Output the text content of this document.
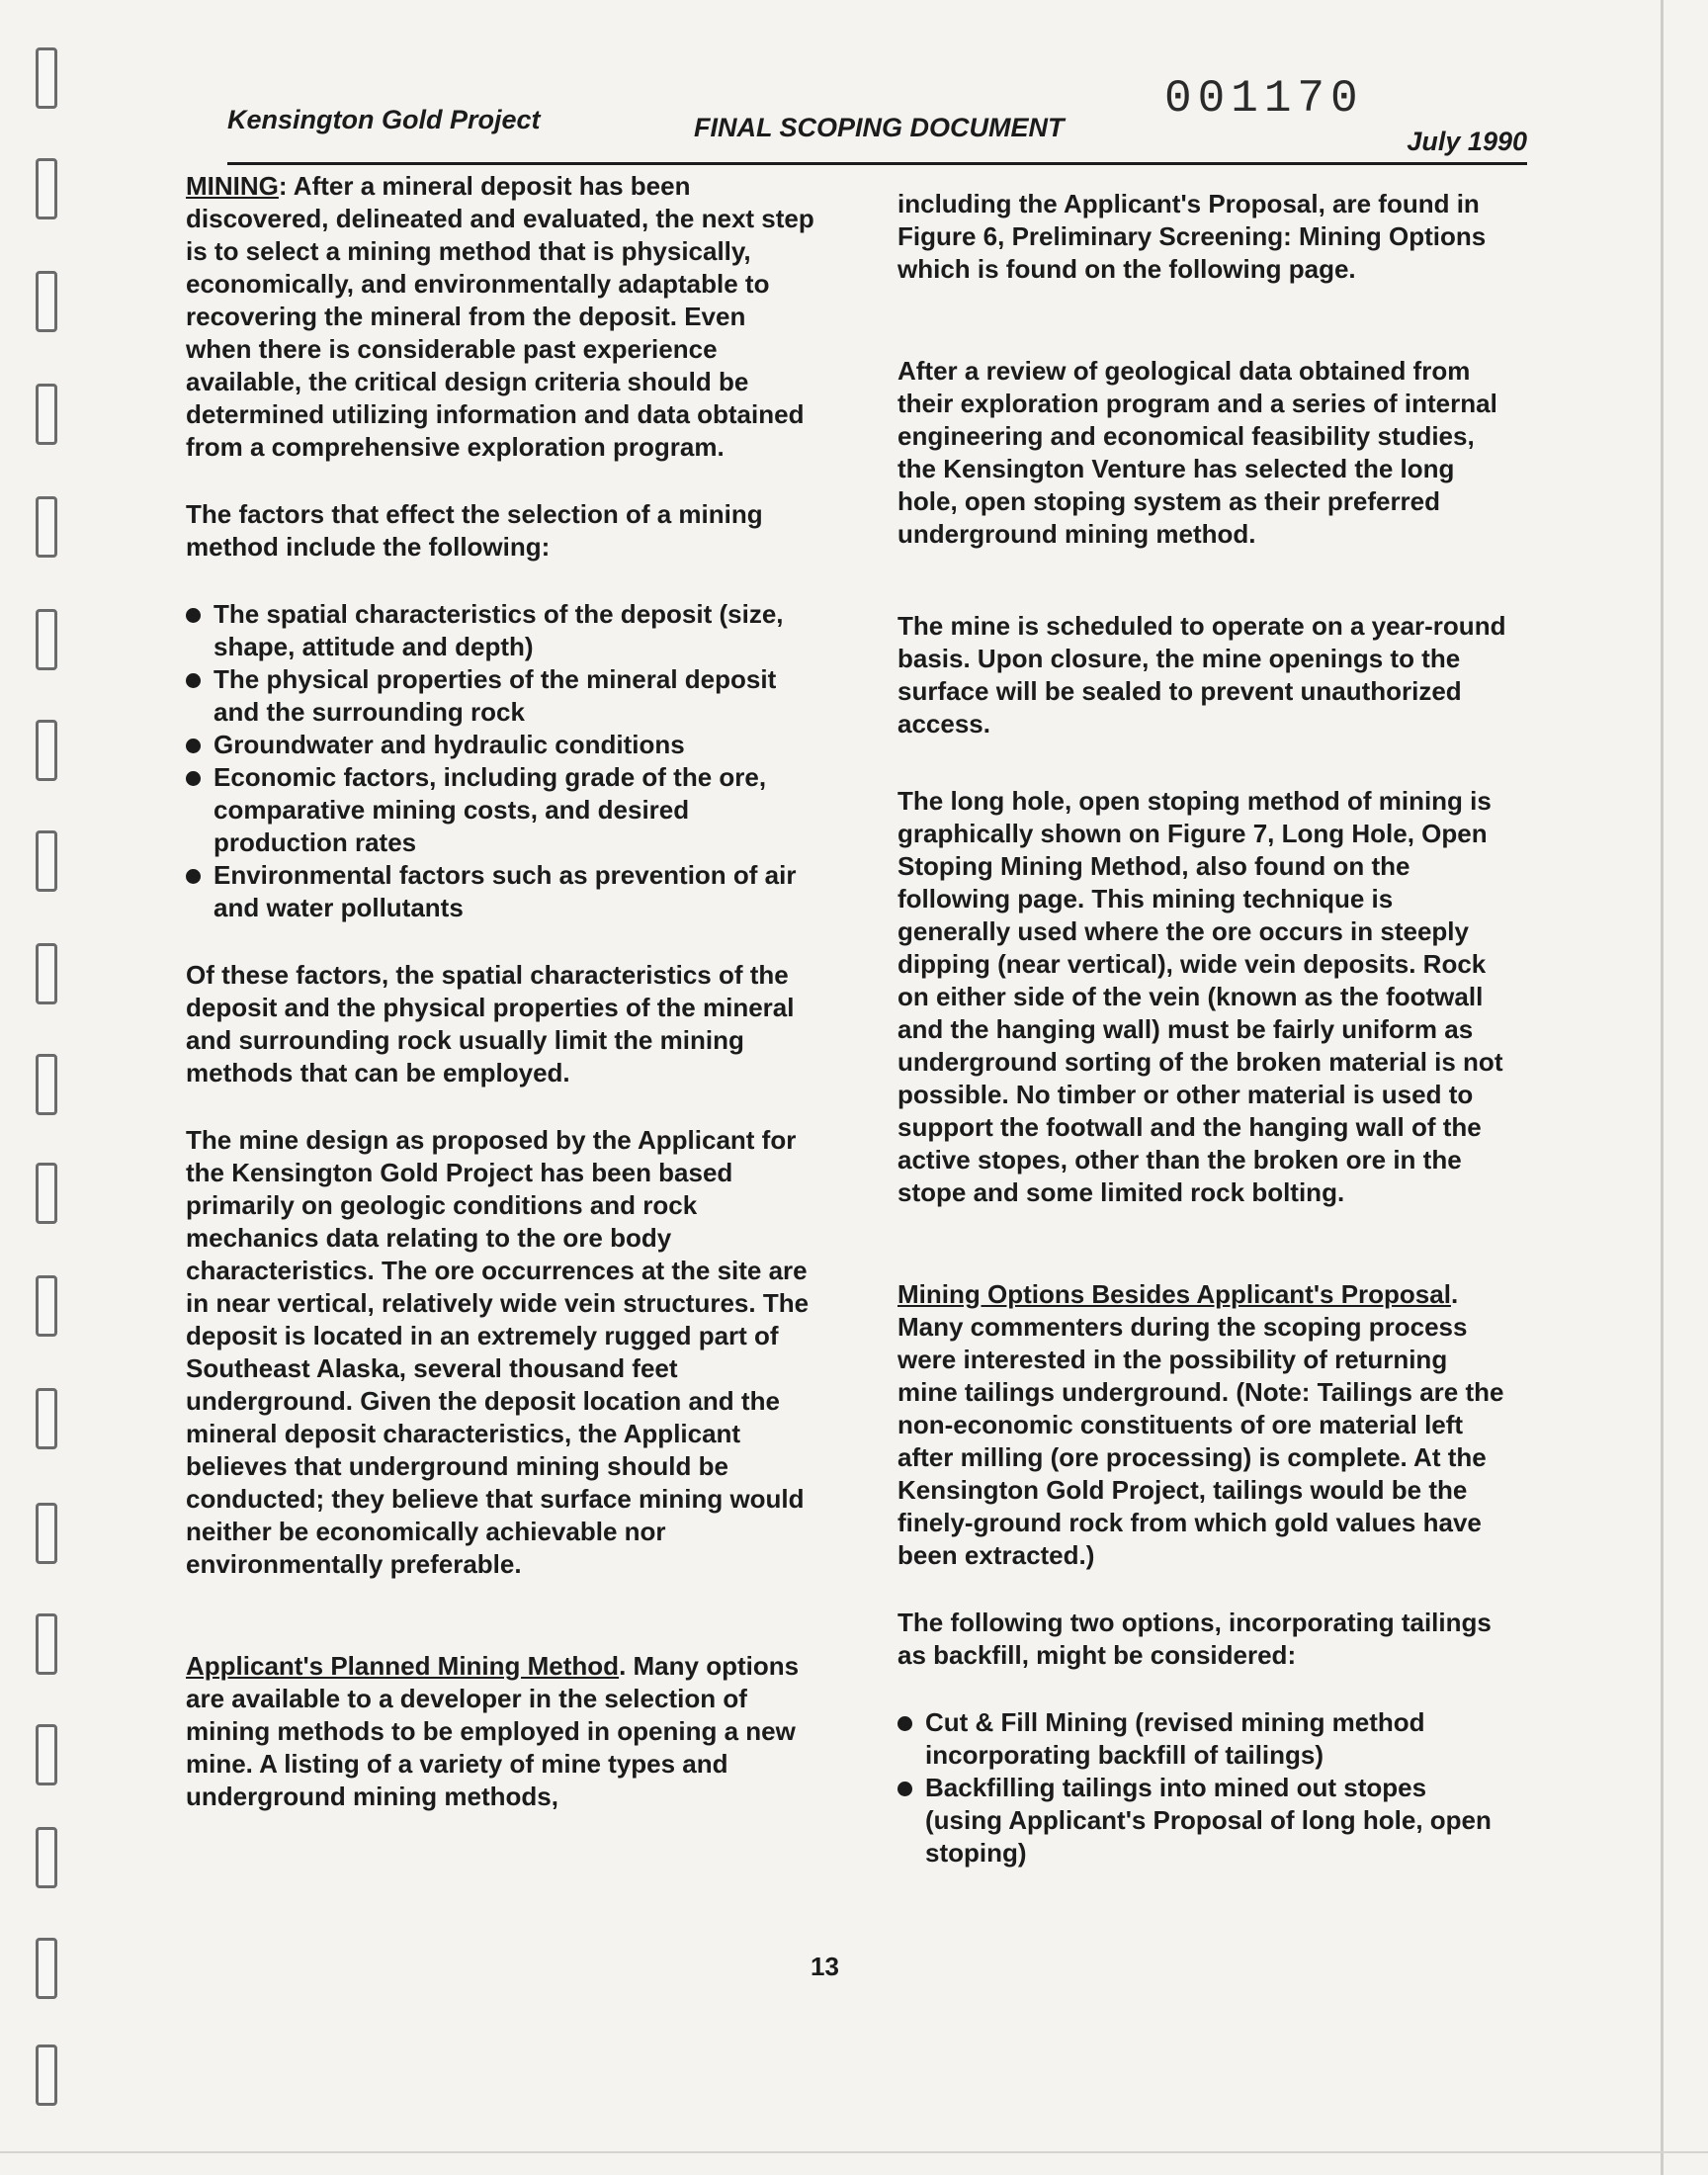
Kensington Gold Project	FINAL SCOPING DOCUMENT
001170
July 1990

MINING: After a mineral deposit has been discovered, delineated and evaluated, the next step is to select a mining method that is physically, economically, and environmentally adaptable to recovering the mineral from the deposit. Even when there is considerable past experience available, the critical design criteria should be determined utilizing information and data obtained from a comprehensive exploration program.

The factors that effect the selection of a mining method include the following:

The spatial characteristics of the deposit (size, shape, attitude and depth)
The physical properties of the mineral deposit and the surrounding rock
Groundwater and hydraulic conditions
Economic factors, including grade of the ore, comparative mining costs, and desired production rates
Environmental factors such as prevention of air and water pollutants

Of these factors, the spatial characteristics of the deposit and the physical properties of the mineral and surrounding rock usually limit the mining methods that can be employed.

The mine design as proposed by the Applicant for the Kensington Gold Project has been based primarily on geologic conditions and rock mechanics data relating to the ore body characteristics. The ore occurrences at the site are in near vertical, relatively wide vein structures. The deposit is located in an extremely rugged part of Southeast Alaska, several thousand feet underground. Given the deposit location and the mineral deposit characteristics, the Applicant believes that underground mining should be conducted; they believe that surface mining would neither be economically achievable nor environmentally preferable.

Applicant's Planned Mining Method. Many options are available to a developer in the selection of mining methods to be employed in opening a new mine. A listing of a variety of mine types and underground mining methods,

including the Applicant's Proposal, are found in Figure 6, Preliminary Screening: Mining Options which is found on the following page.

After a review of geological data obtained from their exploration program and a series of internal engineering and economical feasibility studies, the Kensington Venture has selected the long hole, open stoping system as their preferred underground mining method.

The mine is scheduled to operate on a year-round basis. Upon closure, the mine openings to the surface will be sealed to prevent unauthorized access.

The long hole, open stoping method of mining is graphically shown on Figure 7, Long Hole, Open Stoping Mining Method, also found on the following page. This mining technique is generally used where the ore occurs in steeply dipping (near vertical), wide vein deposits. Rock on either side of the vein (known as the footwall and the hanging wall) must be fairly uniform as underground sorting of the broken material is not possible. No timber or other material is used to support the footwall and the hanging wall of the active stopes, other than the broken ore in the stope and some limited rock bolting.

Mining Options Besides Applicant's Proposal. Many commenters during the scoping process were interested in the possibility of returning mine tailings underground. (Note: Tailings are the non-economic constituents of ore material left after milling (ore processing) is complete. At the Kensington Gold Project, tailings would be the finely-ground rock from which gold values have been extracted.)

The following two options, incorporating tailings as backfill, might be considered:

Cut & Fill Mining (revised mining method incorporating backfill of tailings)
Backfilling tailings into mined out stopes (using Applicant's Proposal of long hole, open stoping)
13
